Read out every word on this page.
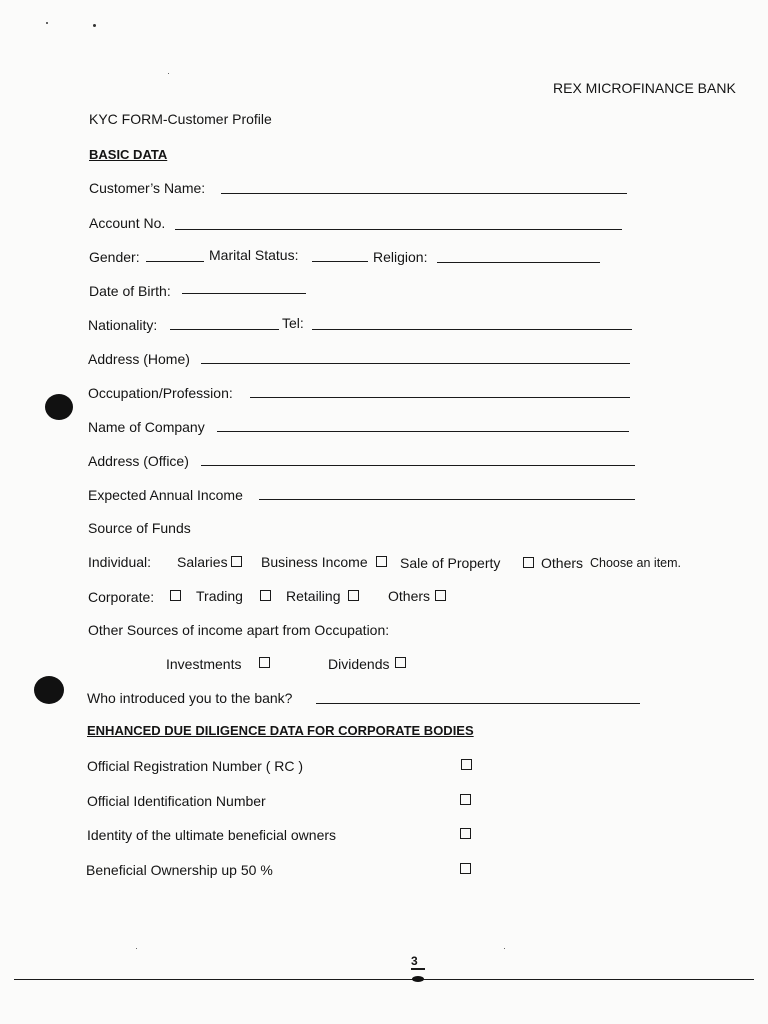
REX MICROFINANCE BANK
KYC FORM-Customer Profile
BASIC DATA
Customer’s Name:
Account No.
Gender:	Marital Status:	Religion:
Date of Birth:
Nationality:	Tel:
Address (Home)
Occupation/Profession:
Name of Company
Address (Office)
Expected Annual Income
Source of Funds
Individual: Salaries Business Income Sale of Property	Others Choose an item.
Corporate:	Trading	Retailing	Others
Other Sources of income apart from Occupation:
Investments	Dividends
Who introduced you to the bank?
ENHANCED DUE DILIGENCE DATA FOR CORPORATE BODIES
Official Registration Number ( RC )
Official Identification Number
Identity of the ultimate beneficial owners
Beneficial Ownership up 50 %
3
